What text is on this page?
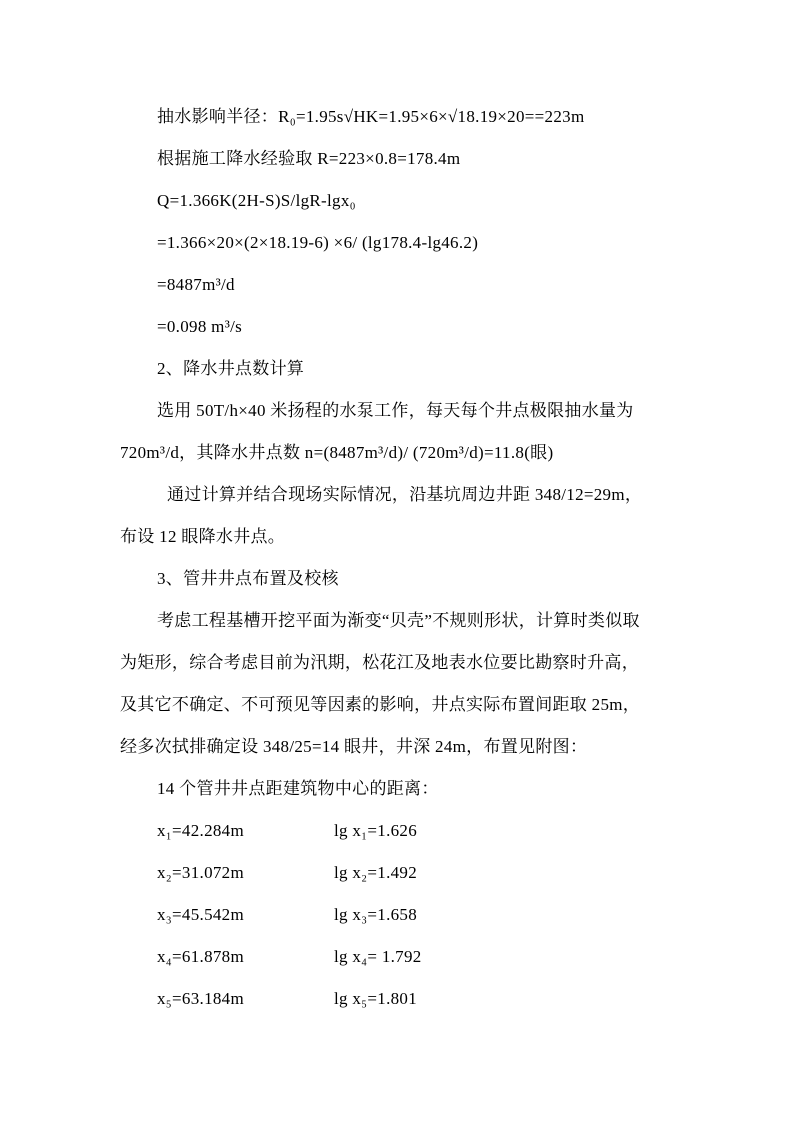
抽水影响半径：R₀=1.95s√HK=1.95×6×√18.19×20==223m
根据施工降水经验取 R=223×0.8=178.4m
Q=1.366K(2H-S)S/lgR-lgx₀
=1.366×20×(2×18.19-6) ×6/ (lg178.4-lg46.2)
=8487m³/d
=0.098 m³/s
2、降水井点数计算
选用 50T/h×40 米扬程的水泵工作，每天每个井点极限抽水量为
720m³/d，其降水井点数 n=(8487m³/d)/ (720m³/d)=11.8(眼)
通过计算并结合现场实际情况，沿基坑周边井距 348/12=29m，
布设 12 眼降水井点。
3、管井井点布置及校核
考虑工程基槽开挖平面为渐变“贝壳”不规则形状，计算时类似取
为矩形，综合考虑目前为汛期，松花江及地表水位要比勘察时升高，
及其它不确定、不可预见等因素的影响，井点实际布置间距取 25m，
经多次拭排确定设 348/25=14 眼井，井深 24m，布置见附图：
14 个管井井点距建筑物中心的距离：
x₁=42.284m	lg x₁=1.626
x₂=31.072m	lg x₂=1.492
x₃=45.542m	lg x₃=1.658
x₄=61.878m	lg x₄= 1.792
x₅=63.184m	lg x₅=1.801
